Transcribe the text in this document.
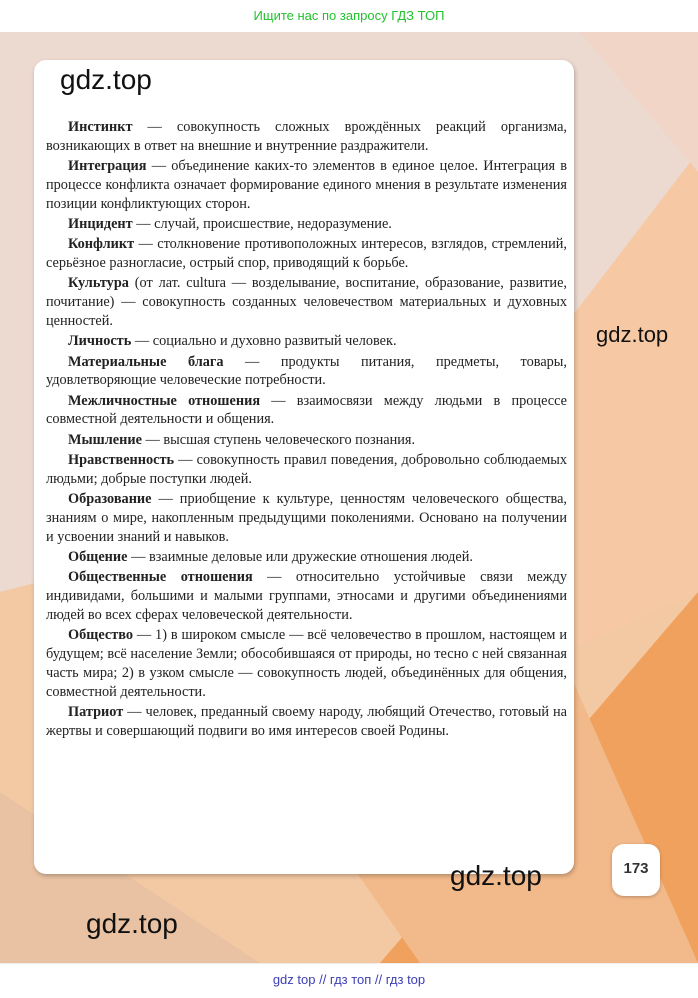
Ищите нас по запросу ГДЗ ТОП
gdz.top

Инстинкт — совокупность сложных врождённых реакций организма, возникающих в ответ на внешние и внутренние раздражители.

Интеграция — объединение каких-то элементов в единое целое. Интеграция в процессе конфликта означает формирование единого мнения в результате изменения позиции конфликтующих сторон.

Инцидент — случай, происшествие, недоразумение.

Конфликт — столкновение противоположных интересов, взглядов, стремлений, серьёзное разногласие, острый спор, приводящий к борьбе.

Культура (от лат. cultura — возделывание, воспитание, образование, развитие, почитание) — совокупность созданных человечеством материальных и духовных ценностей.

Личность — социально и духовно развитый человек.

Материальные блага — продукты питания, предметы, товары, удовлетворяющие человеческие потребности.

Межличностные отношения — взаимосвязи между людьми в процессе совместной деятельности и общения.

Мышление — высшая ступень человеческого познания.

Нравственность — совокупность правил поведения, добровольно соблюдаемых людьми; добрые поступки людей.

Образование — приобщение к культуре, ценностям человеческого общества, знаниям о мире, накопленным предыдущими поколениями. Основано на получении и усвоении знаний и навыков.

Общение — взаимные деловые или дружеские отношения людей.

Общественные отношения — относительно устойчивые связи между индивидами, большими и малыми группами, этносами и другими объединениями людей во всех сферах человеческой деятельности.

Общество — 1) в широком смысле — всё человечество в прошлом, настоящем и будущем; всё население Земли; обособившаяся от природы, но тесно с ней связанная часть мира; 2) в узком смысле — совокупность людей, объединённых для общения, совместной деятельности.

Патриот — человек, преданный своему народу, любящий Отечество, готовый на жертвы и совершающий подвиги во имя интересов своей Родины.

gdz.top
gdz.top
gdz.top
173
gdz top // гдз топ // гдз top
